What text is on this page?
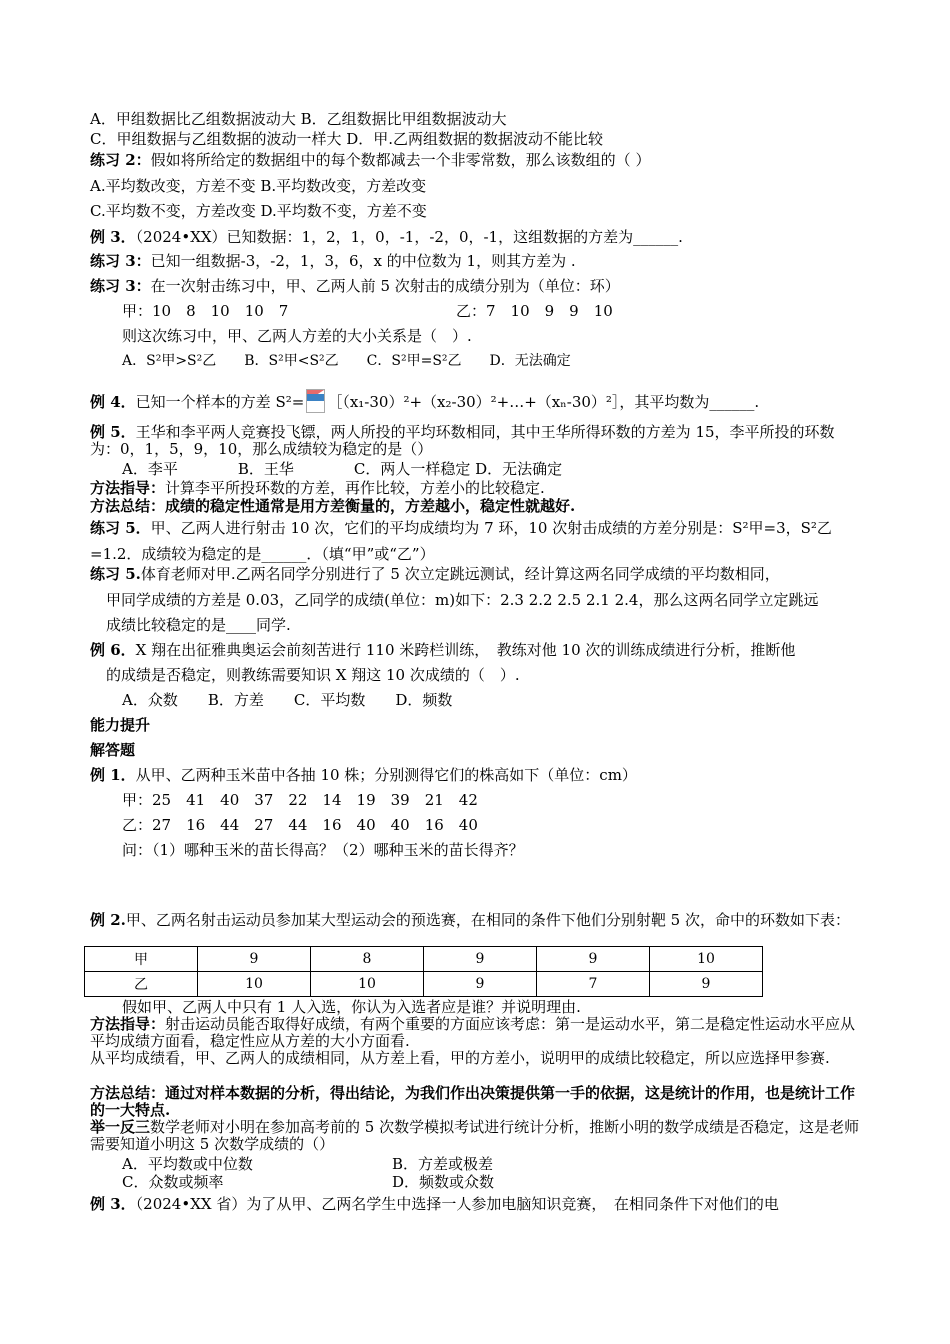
A．甲组数据比乙组数据波动大 B．乙组数据比甲组数据波动大
C．甲组数据与乙组数据的波动一样大 D．甲.乙两组数据的数据波动不能比较
练习 2：假如将所给定的数据组中的每个数都减去一个非零常数，那么该数组的（ ）
A.平均数改变，方差不变 B.平均数改变，方差改变
C.平均数不变，方差改变 D.平均数不变，方差不变
例 3．（2024•XX）已知数据：1，2，1，0，-1，-2，0，-1，这组数据的方差为______.
练习 3：已知一组数据-3，-2，1，3，6，x 的中位数为 1，则其方差为 .
练习 3：在一次射击练习中，甲、乙两人前 5 次射击的成绩分别为（单位：环）
甲：10　8　10　10　7	乙：7　10　9　9　10
则这次练习中，甲、乙两人方差的大小关系是（　）.
A．S²甲>S²乙　　B．S²甲<S²乙　　C．S²甲=S²乙　　D．无法确定
例 4．已知一个样本的方差 S²= ［（x₁-30）²+（x₂-30）²+…+（xₙ-30）²］，其平均数为______.
例 5．王华和李平两人竞赛投飞镖，两人所投的平均环数相同，其中王华所得环数的方差为 15，李平所投的环数为：0，1，5，9，10，那么成绩较为稳定的是（）
A．李平　　　　B．王华　　　　C．两人一样稳定 D．无法确定
方法指导：计算李平所投环数的方差，再作比较，方差小的比较稳定.
方法总结：成绩的稳定性通常是用方差衡量的，方差越小，稳定性就越好.
练习 5．甲、乙两人进行射击 10 次，它们的平均成绩均为 7 环，10 次射击成绩的方差分别是：S²甲=3，S²乙=1.2．成绩较为稳定的是______．（填“甲”或“乙”）
练习 5.体育老师对甲.乙两名同学分别进行了 5 次立定跳远测试，经计算这两名同学成绩的平均数相同，
甲同学成绩的方差是 0.03，乙同学的成绩(单位：m)如下：2.3 2.2 2.5 2.1 2.4，那么这两名同学立定跳远
成绩比较稳定的是____同学.
例 6．X 翔在出征雅典奥运会前刻苦进行 110 米跨栏训练，　教练对他 10 次的训练成绩进行分析，推断他
的成绩是否稳定，则教练需要知识 X 翔这 10 次成绩的（　）.
A．众数　　B．方差　　C．平均数　　D．频数
能力提升
解答题
例 1．从甲、乙两种玉米苗中各抽 10 株；分别测得它们的株高如下（单位：cm）
甲：25　41　40　37　22　14　19　39　21　42
乙：27　16　44　27　44　16　40　40　16　40
问：（1）哪种玉米的苗长得高？（2）哪种玉米的苗长得齐？
例 2.甲、乙两名射击运动员参加某大型运动会的预选赛，在相同的条件下他们分别射靶 5 次，命中的环数如下表：
甲	9	8	9	9	10
乙	10	10	9	7	9
假如甲、乙两人中只有 1 人入选，你认为入选者应是谁？并说明理由.
方法指导：射击运动员能否取得好成绩，有两个重要的方面应该考虑：第一是运动水平，第二是稳定性运动水平应从平均成绩方面看，稳定性应从方差的大小方面看.
从平均成绩看，甲、乙两人的成绩相同，从方差上看，甲的方差小，说明甲的成绩比较稳定，所以应选择甲参赛.
方法总结：通过对样本数据的分析，得出结论，为我们作出决策提供第一手的依据，这是统计的作用，也是统计工作的一大特点.
举一反三数学老师对小明在参加高考前的 5 次数学模拟考试进行统计分析，推断小明的数学成绩是否稳定，这是老师需要知道小明这 5 次数学成绩的（）
A．平均数或中位数	B．方差或极差
C．众数或频率	D．频数或众数
例 3．（2024•XX 省）为了从甲、乙两名学生中选择一人参加电脑知识竞赛，　在相同条件下对他们的电
